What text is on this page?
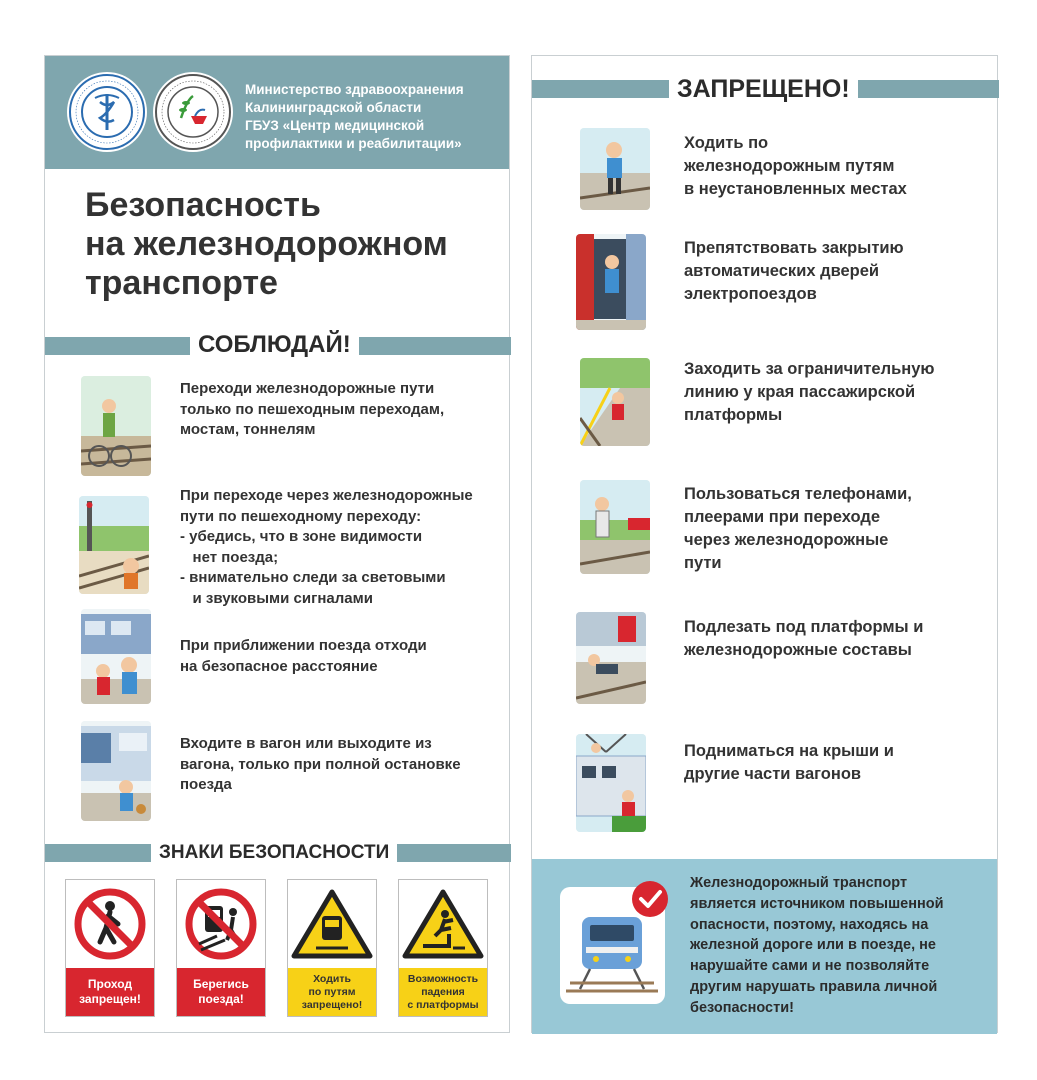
Министерство здравоохранения
Калининградской области
ГБУЗ «Центр медицинской
профилактики и реабилитации»
Безопасность
на железнодорожном
транспорте
СОБЛЮДАЙ!
Переходи железнодорожные пути
только по пешеходным переходам,
мостам, тоннелям
При переходе через железнодорожные
пути по пешеходному переходу:
- убедись, что в зоне видимости
нет поезда;
- внимательно следи за световыми
и звуковыми сигналами
При приближении поезда отходи
на безопасное расстояние
Входите в вагон или выходите из
вагона, только при полной остановке
поезда
ЗНАКИ БЕЗОПАСНОСТИ
Проход
запрещен!
Берегись
поезда!
Ходить
по путям
запрещено!
Возможность
падения
с платформы
ЗАПРЕЩЕНО!
Ходить по
железнодорожным путям
в неустановленных местах
Препятствовать закрытию
автоматических дверей
электропоездов
Заходить за ограничительную
линию у края пассажирской
платформы
Пользоваться телефонами,
плеерами при переходе
через железнодорожные
пути
Подлезать под платформы и
железнодорожные составы
Подниматься на крыши и
другие части вагонов
Железнодорожный транспорт
является источником повышенной
опасности, поэтому, находясь на
железной дороге или в поезде, не
нарушайте сами и не позволяйте
другим нарушать правила личной
безопасности!
